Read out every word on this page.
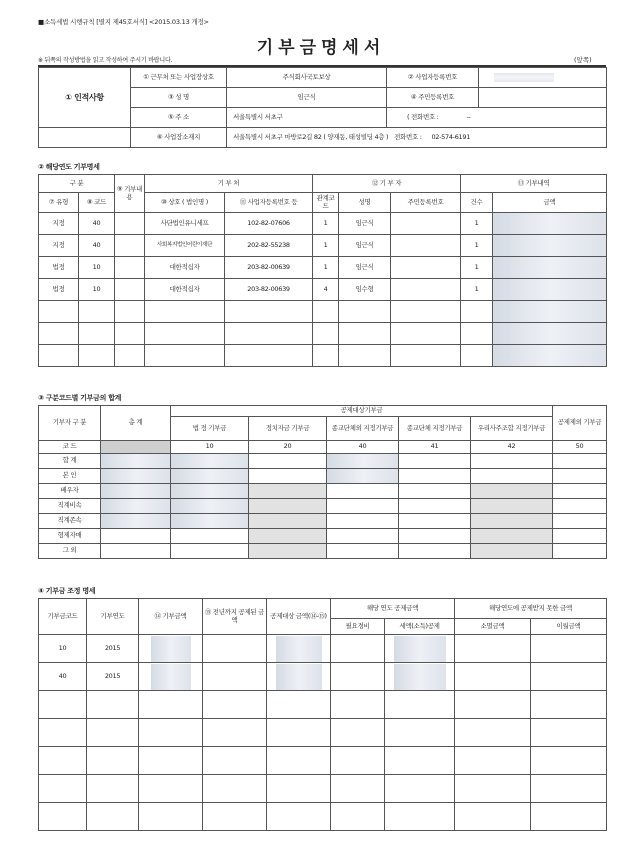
■소득세법 시행규칙 [별지 제45호서식] <2015.03.13 개정>
기부금명세서
※ 뒤쪽의 작성방법을 읽고 작성하여 주시기 바랍니다.	(앞쪽)
① 인적사항	① 근무처 또는 사업장상호	주식회사국토보상	② 사업자등록번호	

	③ 성 명	임근식	④ 주민등록번호	
	⑤ 주 소	서울특별시 서초구	( 전화번호 : --	
	⑥ 사업장소재지	서울특별시 서초구 마방로2길 82 ( 양재동, 태성빌딩 4층 ) 전화번호 : 02-574-6191		
② 해당연도 기부명세
구 분		⑨ 기부내용	기 부 처		⑫ 기 부 자			⑬ 기부내역	
⑦ 유형	⑧ 코드		⑩ 상호 ( 법인명 )	⑪ 사업자등록번호 등	관계코드	성명	주민등록번호	건수	금액
지정	40		사단법인유니세프	102-82-07606	1	임근식		1	
지정	40		사회복지법인어린이재단	202-82-55238	1	임근식		1	
법정	10		대한적십자	203-82-00639	1	임근식		1	
법정	10		대한적십자	203-82-00639	4	임수형		1	

③ 구분코드별 기부금의 합계
기부자 구 분	총 계	공제대상기부금					공제제외 기부금
		법 정 기부금	정치자금 기부금	종교단체외 지정기부금	종교단체 지정기부금	우리사주조합 지정기부금	
코 드		10	20	40	41	42	50
합 계							
본 인							
배우자							
직계비속							
직계존속							
형제자매							
그 외							
④ 기부금 조정 명세
기부금코드	기부연도	⑭ 기부금액	⑮ 전년까지 공제된 금액	공제대상 금액(⑭-⑮)	해당 연도 공제금액		해당연도에 공제받지 못한 금액	
					필요경비	세액(소득)공제	소멸금액	이월금액
10	2015	

40	2015	
